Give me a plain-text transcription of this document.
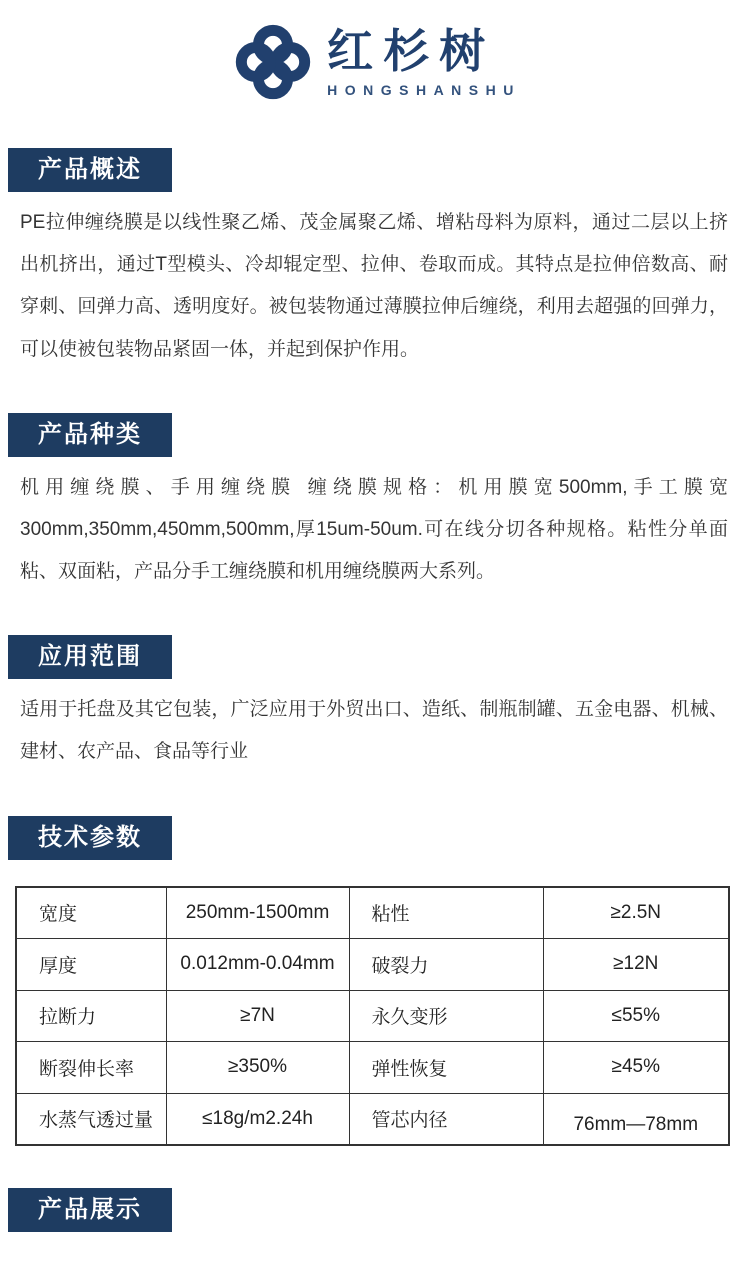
红杉树
HONGSHANSHU
产品概述

PE拉伸缠绕膜是以线性聚乙烯、茂金属聚乙烯、增粘母料为原料，通过二层以上挤出机挤出，通过T型模头、冷却辊定型、拉伸、卷取而成。其特点是拉伸倍数高、耐穿刺、回弹力高、透明度好。被包装物通过薄膜拉伸后缠绕，利用去超强的回弹力，可以使被包装物品紧固一体，并起到保护作用。

产品种类

机用缠绕膜、手用缠绕膜 缠绕膜规格：机用膜宽500mm,手工膜宽300mm,350mm,450mm,500mm,厚15um-50um.可在线分切各种规格。粘性分单面粘、双面粘，产品分手工缠绕膜和机用缠绕膜两大系列。

应用范围

适用于托盘及其它包装，广泛应用于外贸出口、造纸、制瓶制罐、五金电器、机械、建材、农产品、食品等行业

技术参数
宽度	250mm-1500mm	粘性	≥2.5N
厚度	0.012mm-0.04mm	破裂力	≥12N
拉断力	≥7N	永久变形	≤55%
断裂伸长率	≥350%	弹性恢复	≥45%
水蒸气透过量	≤18g/m2.24h	管芯内径	76mm—78mm
产品展示
